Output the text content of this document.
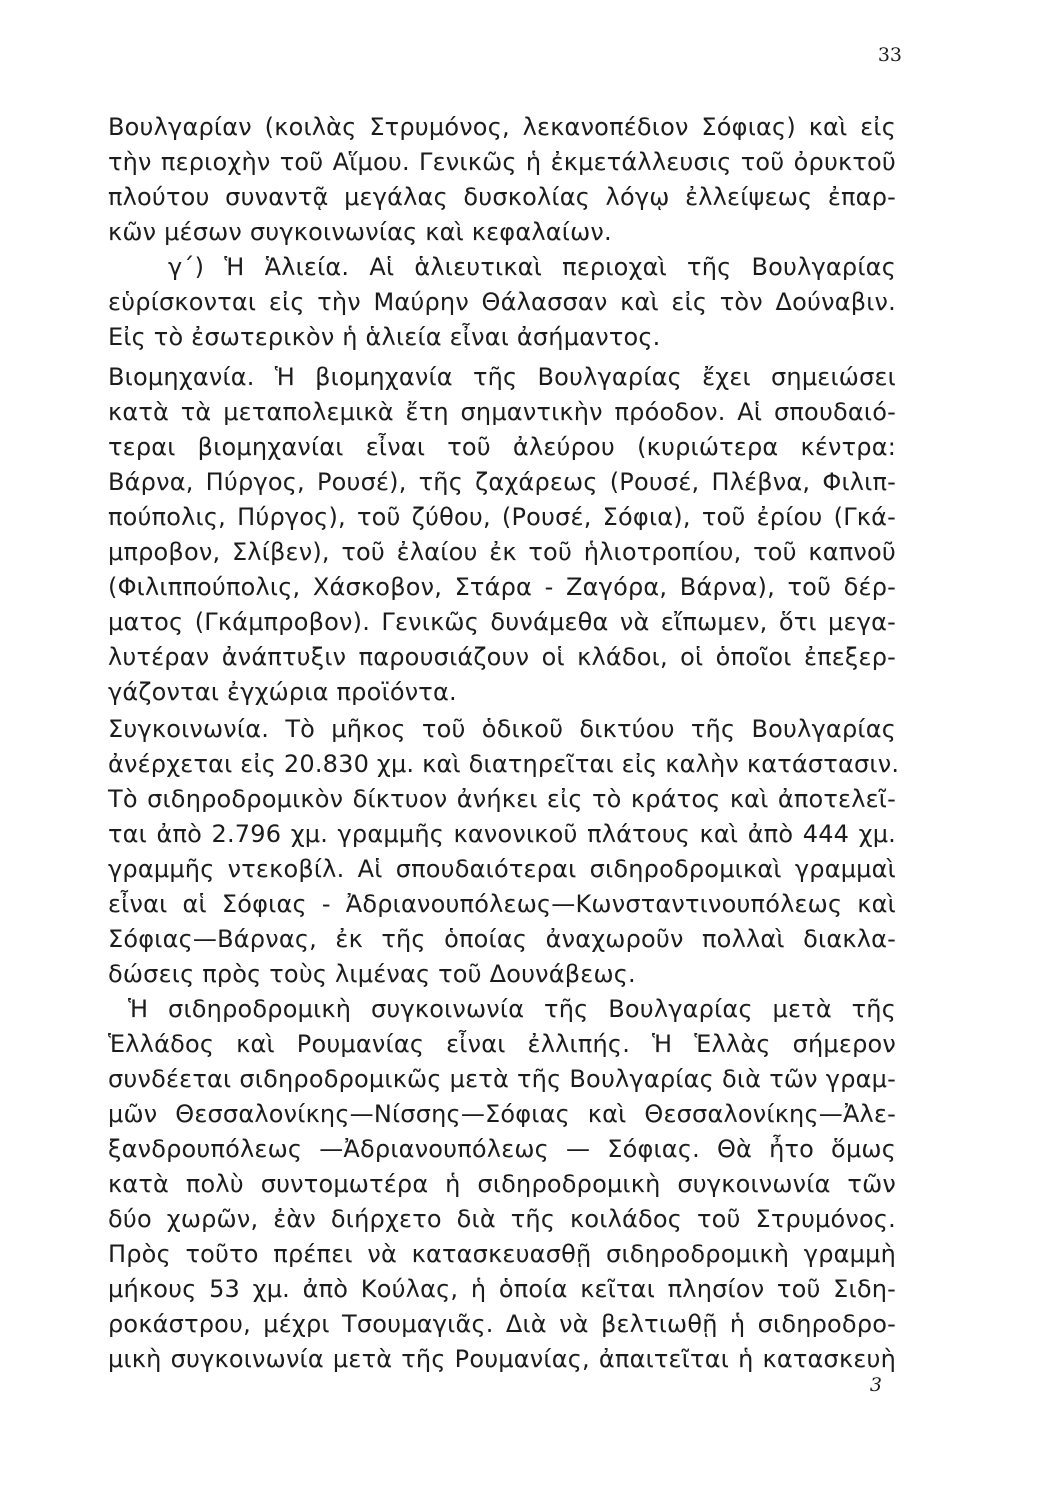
33
Βουλγαρίαν (κοιλὰς Στρυμόνος, λεκανοπέδιον Σόφιας) καὶ εἰς
τὴν περιοχὴν τοῦ Αἵμου. Γενικῶς ἡ ἐκμετάλλευσις τοῦ ὀρυκτοῦ
πλούτου συναντᾷ μεγάλας δυσκολίας λόγῳ ἐλλείψεως ἐπαρ-
κῶν μέσων συγκοινωνίας καὶ κεφαλαίων.
γ΄) Ἡ Ἁλιεία. Αἱ ἁλιευτικαὶ περιοχαὶ τῆς Βουλγαρίας
εὑρίσκονται εἰς τὴν Μαύρην Θάλασσαν καὶ εἰς τὸν Δούναβιν.
Εἰς τὸ ἐσωτερικὸν ἡ ἁλιεία εἶναι ἀσήμαντος.
Βιομηχανία. Ἡ βιομηχανία τῆς Βουλγαρίας ἔχει σημειώσει
κατὰ τὰ μεταπολεμικὰ ἔτη σημαντικὴν πρόοδον. Αἱ σπουδαιό-
τεραι βιομηχανίαι εἶναι τοῦ ἀλεύρου (κυριώτερα κέντρα:
Βάρνα, Πύργος, Ρουσέ), τῆς ζαχάρεως (Ρουσέ, Πλέβνα, Φιλιπ-
πούπολις, Πύργος), τοῦ ζύθου, (Ρουσέ, Σόφια), τοῦ ἐρίου (Γκά-
μπροβον, Σλίβεν), τοῦ ἐλαίου ἐκ τοῦ ἡλιοτροπίου, τοῦ καπνοῦ
(Φιλιππούπολις, Χάσκοβον, Στάρα - Ζαγόρα, Βάρνα), τοῦ δέρ-
ματος (Γκάμπροβον). Γενικῶς δυνάμεθα νὰ εἴπωμεν, ὅτι μεγα-
λυτέραν ἀνάπτυξιν παρουσιάζουν οἱ κλάδοι, οἱ ὁποῖοι ἐπεξερ-
γάζονται ἐγχώρια προϊόντα.
Συγκοινωνία. Τὸ μῆκος τοῦ ὁδικοῦ δικτύου τῆς Βουλγαρίας
ἀνέρχεται εἰς 20.830 χμ. καὶ διατηρεῖται εἰς καλὴν κατάστασιν.
Τὸ σιδηροδρομικὸν δίκτυον ἀνήκει εἰς τὸ κράτος καὶ ἀποτελεῖ-
ται ἀπὸ 2.796 χμ. γραμμῆς κανονικοῦ πλάτους καὶ ἀπὸ 444 χμ.
γραμμῆς ντεκοβίλ. Αἱ σπουδαιότεραι σιδηροδρομικαὶ γραμμαὶ
εἶναι αἱ Σόφιας - Ἀδριανουπόλεως—Κωνσταντινουπόλεως καὶ
Σόφιας—Βάρνας, ἐκ τῆς ὁποίας ἀναχωροῦν πολλαὶ διακλα-
δώσεις πρὸς τοὺς λιμένας τοῦ Δουνάβεως.
Ἡ σιδηροδρομικὴ συγκοινωνία τῆς Βουλγαρίας μετὰ τῆς
Ἑλλάδος καὶ Ρουμανίας εἶναι ἐλλιπής. Ἡ Ἑλλὰς σήμερον
συνδέεται σιδηροδρομικῶς μετὰ τῆς Βουλγαρίας διὰ τῶν γραμ-
μῶν Θεσσαλονίκης—Νίσσης—Σόφιας καὶ Θεσσαλονίκης—Ἀλε-
ξανδρουπόλεως —Ἀδριανουπόλεως — Σόφιας. Θὰ ἦτο ὅμως
κατὰ πολὺ συντομωτέρα ἡ σιδηροδρομικὴ συγκοινωνία τῶν
δύο χωρῶν, ἐὰν διήρχετο διὰ τῆς κοιλάδος τοῦ Στρυμόνος.
Πρὸς τοῦτο πρέπει νὰ κατασκευασθῇ σιδηροδρομικὴ γραμμὴ
μήκους 53 χμ. ἀπὸ Κούλας, ἡ ὁποία κεῖται πλησίον τοῦ Σιδη-
ροκάστρου, μέχρι Τσουμαγιᾶς. Διὰ νὰ βελτιωθῇ ἡ σιδηροδρο-
μικὴ συγκοινωνία μετὰ τῆς Ρουμανίας, ἀπαιτεῖται ἡ κατασκευὴ
3
